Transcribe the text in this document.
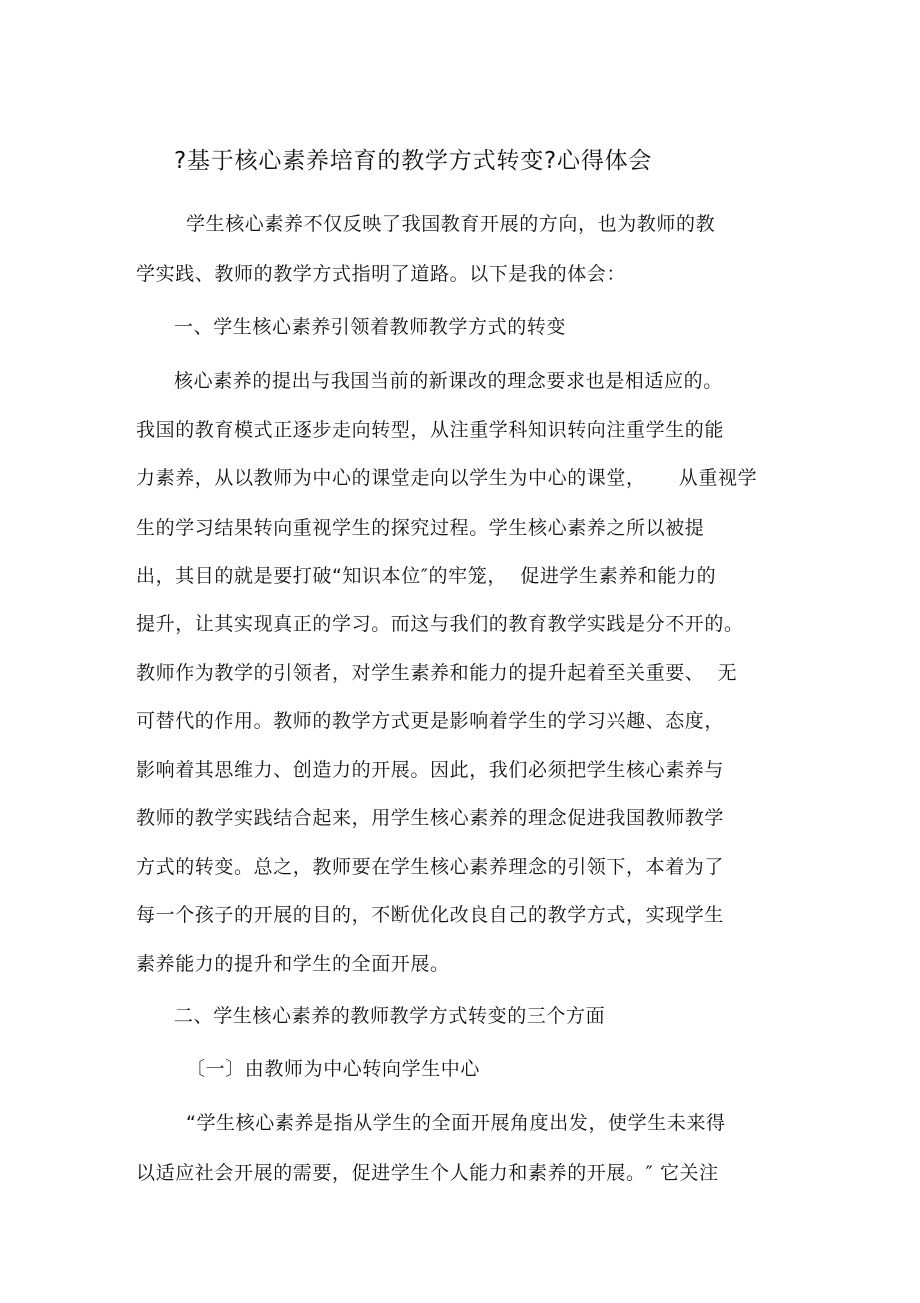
?基于核心素养培育的教学方式转变?心得体会
学生核心素养不仅反映了我国教育开展的方向，也为教师的教
学实践、教师的教学方式指明了道路。以下是我的体会：
一、学生核心素养引领着教师教学方式的转变
核心素养的提出与我国当前的新课改的理念要求也是相适应的。
我国的教育模式正逐步走向转型，从注重学科知识转向注重学生的能
力素养，从以教师为中心的课堂走向以学生为中心的课堂，     从重视学
生的学习结果转向重视学生的探究过程。学生核心素养之所以被提
出，其目的就是要打破“知识本位″的牢笼，  促进学生素养和能力的
提升，让其实现真正的学习。而这与我们的教育教学实践是分不开的。
教师作为教学的引领者，对学生素养和能力的提升起着至关重要、  无
可替代的作用。教师的教学方式更是影响着学生的学习兴趣、态度，
影响着其思维力、创造力的开展。因此，我们必须把学生核心素养与
教师的教学实践结合起来，用学生核心素养的理念促进我国教师教学
方式的转变。总之，教师要在学生核心素养理念的引领下，本着为了
每一个孩子的开展的目的，不断优化改良自己的教学方式，实现学生
素养能力的提升和学生的全面开展。
二、学生核心素养的教师教学方式转变的三个方面
〔一〕由教师为中心转向学生中心
“学生核心素养是指从学生的全面开展角度出发，使学生未来得
以适应社会开展的需要，促进学生个人能力和素养的开展。″ 它关注
